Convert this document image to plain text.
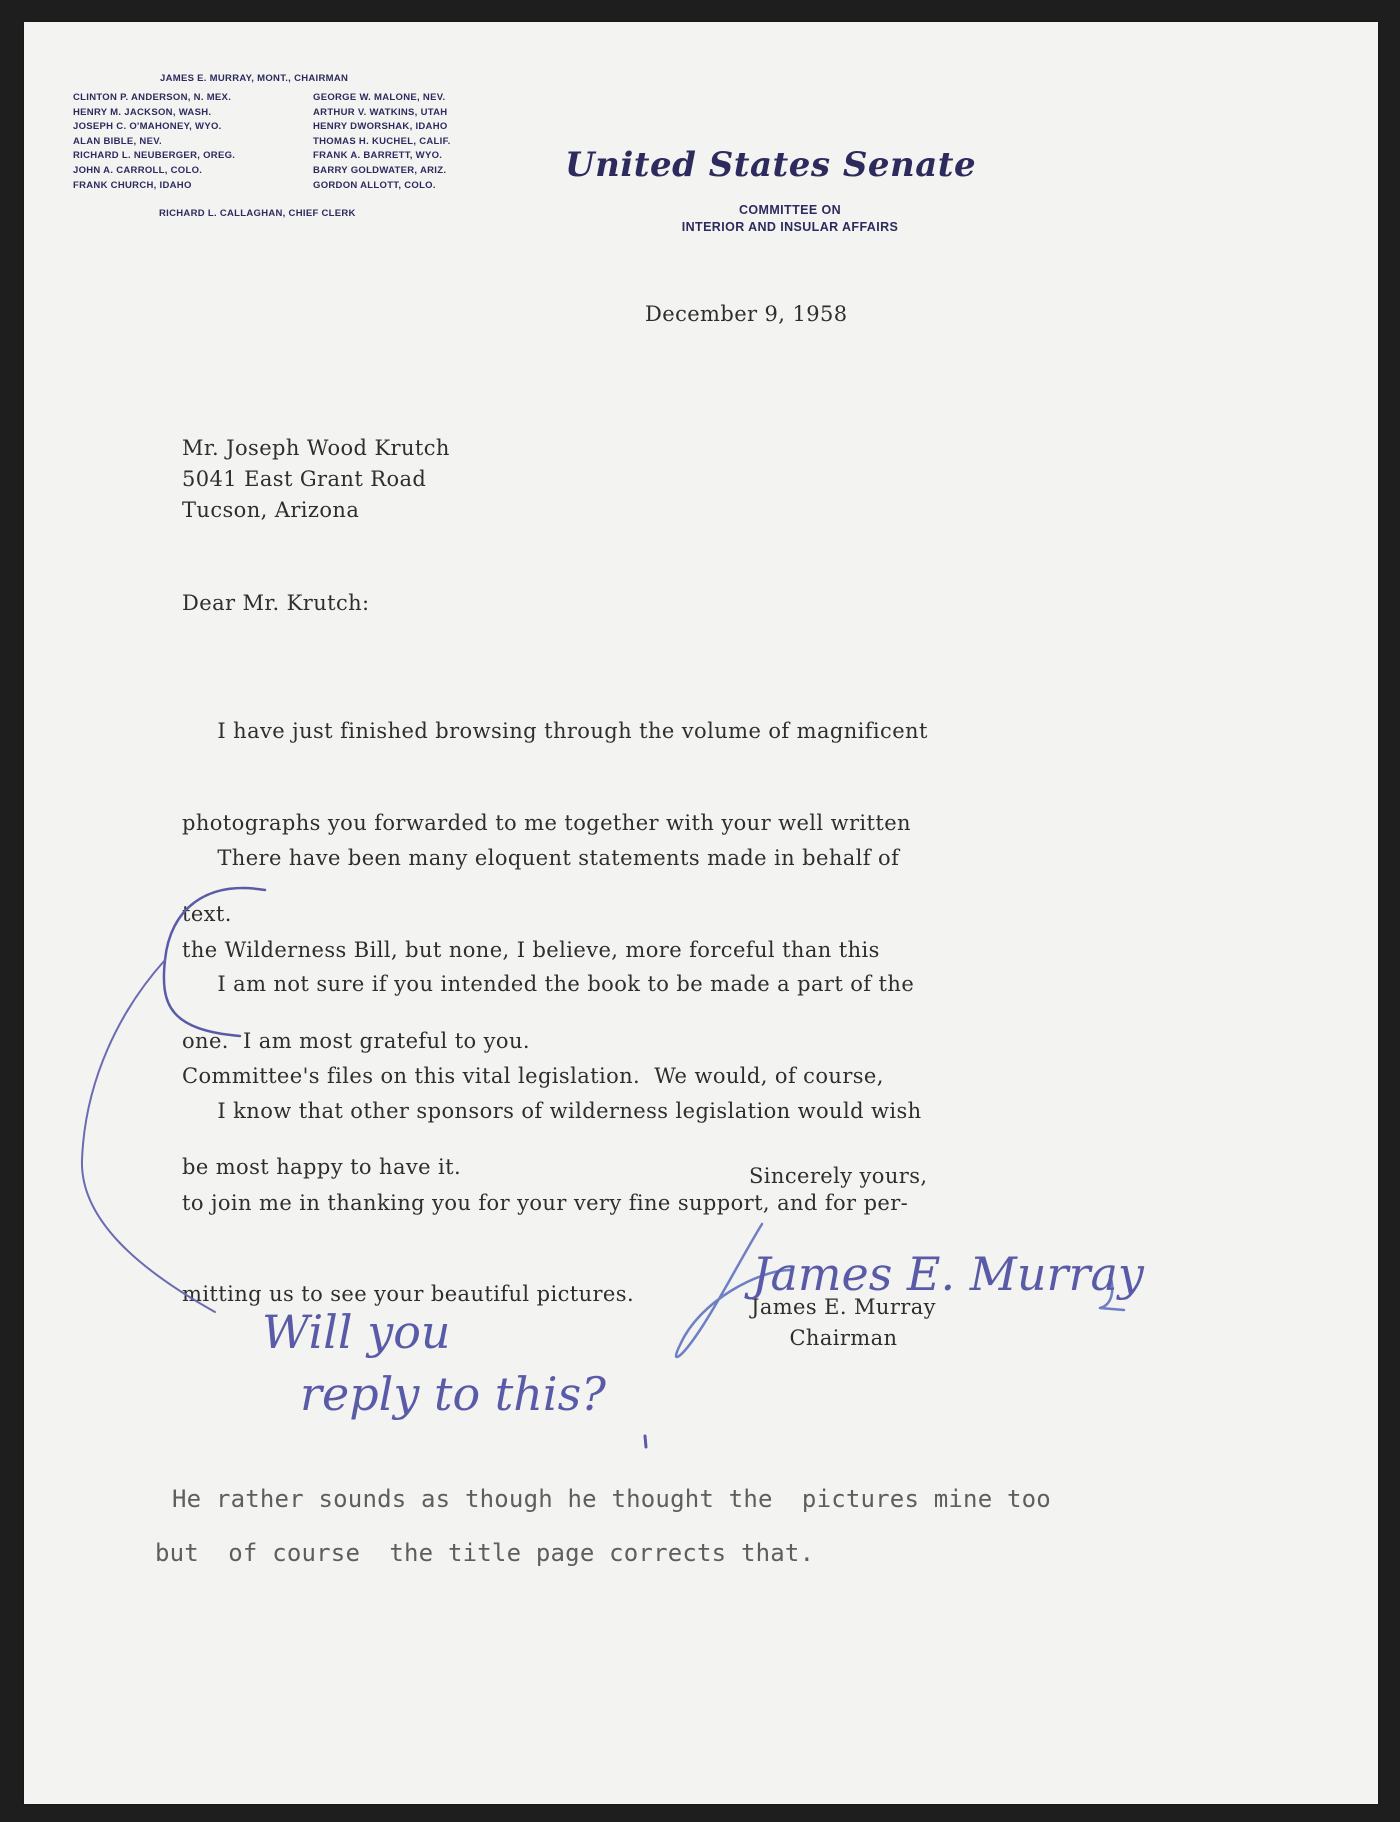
JAMES E. MURRAY, MONT., CHAIRMAN
CLINTON P. ANDERSON, N. MEX.
HENRY M. JACKSON, WASH.
JOSEPH C. O'MAHONEY, WYO.
ALAN BIBLE, NEV.
RICHARD L. NEUBERGER, OREG.
JOHN A. CARROLL, COLO.
FRANK CHURCH, IDAHO
GEORGE W. MALONE, NEV.
ARTHUR V. WATKINS, UTAH
HENRY DWORSHAK, IDAHO
THOMAS H. KUCHEL, CALIF.
FRANK A. BARRETT, WYO.
BARRY GOLDWATER, ARIZ.
GORDON ALLOTT, COLO.
RICHARD L. CALLAGHAN, CHIEF CLERK
United States Senate
COMMITTEE ON
INTERIOR AND INSULAR AFFAIRS
December 9, 1958
Mr. Joseph Wood Krutch
5041 East Grant Road
Tucson, Arizona
Dear Mr. Krutch:

I have just finished browsing through the volume of magnificent

photographs you forwarded to me together with your well written

text.

There have been many eloquent statements made in behalf of

the Wilderness Bill, but none, I believe, more forceful than this

one.  I am most grateful to you.

I am not sure if you intended the book to be made a part of the

Committee's files on this vital legislation.  We would, of course,

be most happy to have it.

I know that other sponsors of wilderness legislation would wish

to join me in thanking you for your very fine support, and for per-

mitting us to see your beautiful pictures.

Sincerely yours,
James E. Murray
Chairman
James E. Murray
Will you
reply to this?
He rather sounds as though he thought the  pictures mine too
but  of course  the title page corrects that.
